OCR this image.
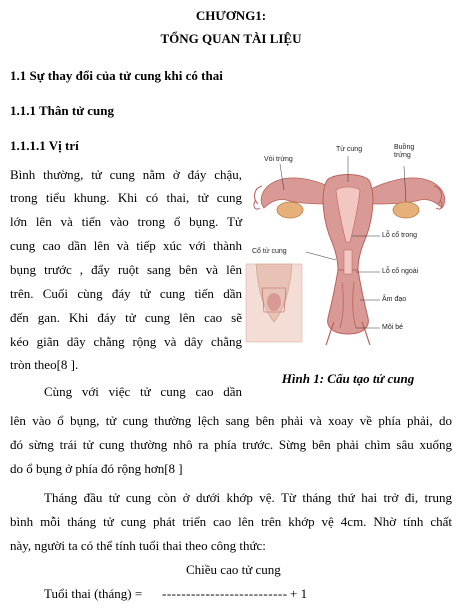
CHƯƠNG1:
TỔNG QUAN TÀI LIỆU
1.1 Sự thay đổi của tử cung khi có thai
1.1.1 Thân tử cung
1.1.1.1 Vị trí
Bình thường, tử cung nằm ở đáy chậu,
trong tiểu khung. Khi có thai, tử cung
lớn lên và tiến vào trong ổ bụng. Tử
cung cao dần lên và tiếp xúc với thành
bụng trước , đẩy ruột sang bên và lên
trên. Cuối cùng đáy tử cung tiến dần
đến gan. Khi đáy tử cung lên cao sẽ
kéo giãn dây chằng rộng và dây chằng
tròn theo[8 ].
Tử cung	Buồng
trứng
Vòi trứng
Lỗ cổ trong
Cổ tử cung
Lỗ cổ ngoài
Âm đạo
Môi bé
Hình 1: Cấu tạo tử cung
Cùng với việc tử cung cao dần
lên vào ổ bụng, tử cung thường lệch sang bên phải và xoay về phía phải, do
đó sừng trái tử cung thường nhô ra phía trước. Sừng bên phải chìm sâu xuống
do ổ bụng ở phía đó rộng hơn[8 ]
Tháng đầu tử cung còn ở dưới khớp vệ. Từ tháng thứ hai trở đi, trung
bình mỗi tháng tử cung phát triển cao lên trên khớp vệ 4cm. Nhờ tính chất
này, người ta có thể tính tuổi thai theo công thức:
Chiều cao tử cung
Tuổi thai (tháng) = -------------------------- + 1
